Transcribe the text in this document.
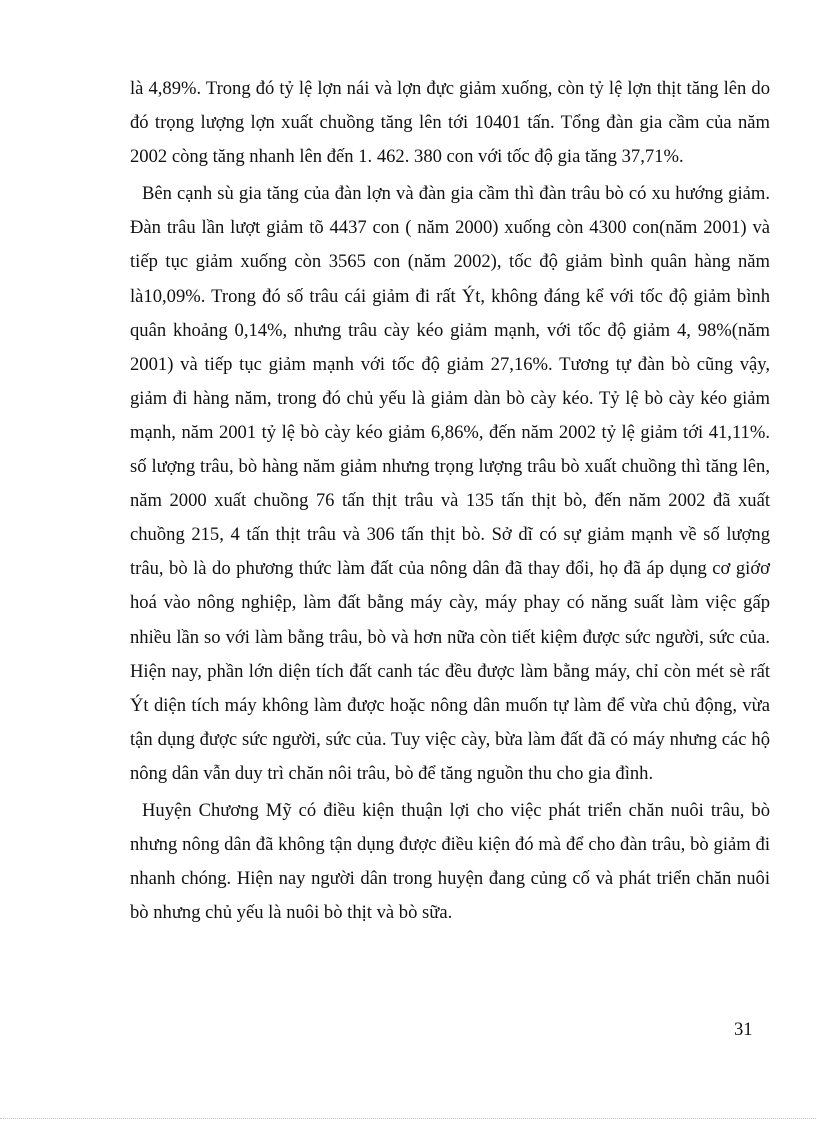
là 4,89%. Trong đó tỷ lệ lợn nái và lợn đực giảm xuống, còn tỷ lệ lợn thịt tăng lên do đó trọng lượng lợn xuất chuồng tăng lên tới 10401 tấn. Tổng đàn gia cầm của năm 2002 còng tăng nhanh lên đến 1. 462. 380 con với tốc độ gia tăng 37,71%.

Bên cạnh sù gia tăng của đàn lợn và đàn gia cầm thì đàn trâu bò có xu hướng giảm. Đàn trâu lần lượt giảm tõ 4437 con ( năm 2000) xuống còn 4300 con(năm 2001) và tiếp tục giảm xuống còn 3565 con (năm 2002), tốc độ giảm bình quân hàng năm là10,09%. Trong đó số trâu cái giảm đi rất Ýt, không đáng kể với tốc độ giảm bình quân khoảng 0,14%, nhưng trâu cày kéo giảm mạnh, với tốc độ giảm 4, 98%(năm 2001) và tiếp tục giảm mạnh với tốc độ giảm 27,16%. Tương tự đàn bò cũng vậy, giảm đi hàng năm, trong đó chủ yếu là giảm dàn bò cày kéo. Tỷ lệ bò cày kéo giảm mạnh, năm 2001 tỷ lệ bò cày kéo giảm 6,86%, đến năm 2002 tỷ lệ giảm tới 41,11%. số lượng trâu, bò hàng năm giảm nhưng trọng lượng trâu bò xuất chuồng thì tăng lên, năm 2000 xuất chuồng 76 tấn thịt trâu và 135 tấn thịt bò, đến năm 2002 đã xuất chuồng 215, 4 tấn thịt trâu và 306 tấn thịt bò. Sở dĩ có sự giảm mạnh về số lượng trâu, bò là do phương thức làm đất của nông dân đã thay đổi, họ đã áp dụng cơ giớơ hoá vào nông nghiệp, làm đất bằng máy cày, máy phay có năng suất làm việc gấp nhiều lần so với làm bằng trâu, bò và hơn nữa còn tiết kiệm được sức người, sức của. Hiện nay, phần lớn diện tích đất canh tác đều được làm bằng máy, chỉ còn mét sè rất Ýt diện tích máy không làm được hoặc nông dân muốn tự làm để vừa chủ động, vừa tận dụng được sức người, sức của. Tuy việc cày, bừa làm đất đã có máy nhưng các hộ nông dân vẫn duy trì chăn nôi trâu, bò để tăng nguồn thu cho gia đình.

Huyện Chương Mỹ có điều kiện thuận lợi cho việc phát triển chăn nuôi trâu, bò nhưng nông dân đã không tận dụng được điều kiện đó mà để cho đàn trâu, bò giảm đi nhanh chóng. Hiện nay người dân trong huyện đang củng cố và phát triển chăn nuôi bò nhưng chủ yếu là nuôi bò thịt và bò sữa.

31
